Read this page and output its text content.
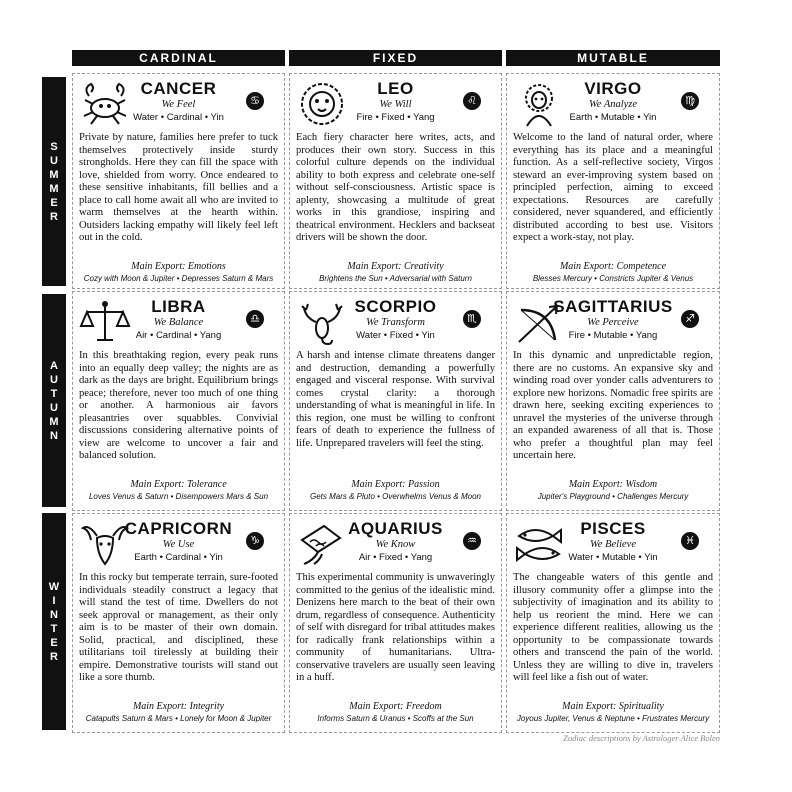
CARDINAL	FIXED	MUTABLE
S
U
M
M
E
R
A
U
T
U
M
N
W
I
N
T
E
R
CANCER
We Feel
Water • Cardinal • Yin
♋
Private by nature, families here prefer to tuck themselves protectively inside sturdy strongholds. Here they can fill the space with love, shielded from worry. Once endeared to these sensitive inhabitants, fill bellies and a place to call home await all who are invited to warm themselves at the hearth within. Outsiders lacking empathy will likely feel left out in the cold.
Main Export: Emotions
Cozy with Moon & Jupiter • Depresses Saturn & Mars
LEO
We Will
Fire • Fixed • Yang
♌
Each fiery character here writes, acts, and produces their own story. Success in this colorful culture depends on the individual ability to both express and celebrate one-self without self-consciousness. Artistic space is aplenty, showcasing a multitude of great works in this grandiose, inspiring and theatrical environment. Hecklers and backseat drivers will be shown the door.
Main Export: Creativity
Brightens the Sun • Adversarial with Saturn
VIRGO
We Analyze
Earth • Mutable • Yin
♍
Welcome to the land of natural order, where everything has its place and a meaningful function. As a self-reflective society, Virgos steward an ever-improving system based on principled perfection, aiming to exceed expectations. Resources are carefully considered, never squandered, and efficiently distributed according to best use. Visitors expect a work-stay, not play.
Main Export: Competence
Blesses Mercury • Constricts Jupiter & Venus
LIBRA
We Balance
Air • Cardinal • Yang
♎
In this breathtaking region, every peak runs into an equally deep valley; the nights are as dark as the days are bright. Equilibrium brings peace; therefore, never too much of one thing or another. A harmonious air favors pleasantries over squabbles. Convivial discussions considering alternative points of view are welcome to uncover a fair and balanced solution.
Main Export: Tolerance
Loves Venus & Saturn • Disempowers Mars & Sun
SCORPIO
We Transform
Water • Fixed • Yin
♏
A harsh and intense climate threatens danger and destruction, demanding a powerfully engaged and visceral response. With survival comes crystal clarity: a thorough understanding of what is meaningful in life. In this region, one must be willing to confront fears of death to experience the fullness of life. Unprepared travelers will feel the sting.
Main Export: Passion
Gets Mars & Pluto • Overwhelms Venus & Moon
SAGITTARIUS
We Perceive
Fire • Mutable • Yang
♐
In this dynamic and unpredictable region, there are no customs. An expansive sky and winding road over yonder calls adventurers to explore new horizons. Nomadic free spirits are drawn here, seeking exciting experiences to unravel the mysteries of the universe through an expanded awareness of all that is. Those who prefer a thoughtful plan may feel uncertain here.
Main Export: Wisdom
Jupiter's Playground • Challenges Mercury
CAPRICORN
We Use
Earth • Cardinal • Yin
♑
In this rocky but temperate terrain, sure-footed individuals steadily construct a legacy that will stand the test of time. Dwellers do not seek approval or management, as their only aim is to be master of their own domain. Solid, practical, and disciplined, these utilitarians toil tirelessly at building their empire. Demonstrative tourists will stand out like a sore thumb.
Main Export: Integrity
Catapults Saturn & Mars • Lonely for Moon & Jupiter
AQUARIUS
We Know
Air • Fixed • Yang
♒
This experimental community is unwaveringly committed to the genius of the idealistic mind. Denizens here march to the beat of their own drum, regardless of consequence. Authenticity of self with disregard for tribal attitudes makes for radically frank relationships within a community of humanitarians. Ultra-conservative travelers are usually seen leaving in a huff.
Main Export: Freedom
Informs Saturn & Uranus • Scoffs at the Sun
PISCES
We Believe
Water • Mutable • Yin
♓
The changeable waters of this gentle and illusory community offer a glimpse into the subjectivity of imagination and its ability to help us reorient the mind. Here we can experience different realities, allowing us the opportunity to be compassionate towards others and transcend the pain of the world. Unless they are willing to dive in, travelers will feel like a fish out of water.
Main Export: Spirituality
Joyous Jupiter, Venus & Neptune • Frustrates Mercury
Zodiac descriptions by Astrologer Alice Bolen
